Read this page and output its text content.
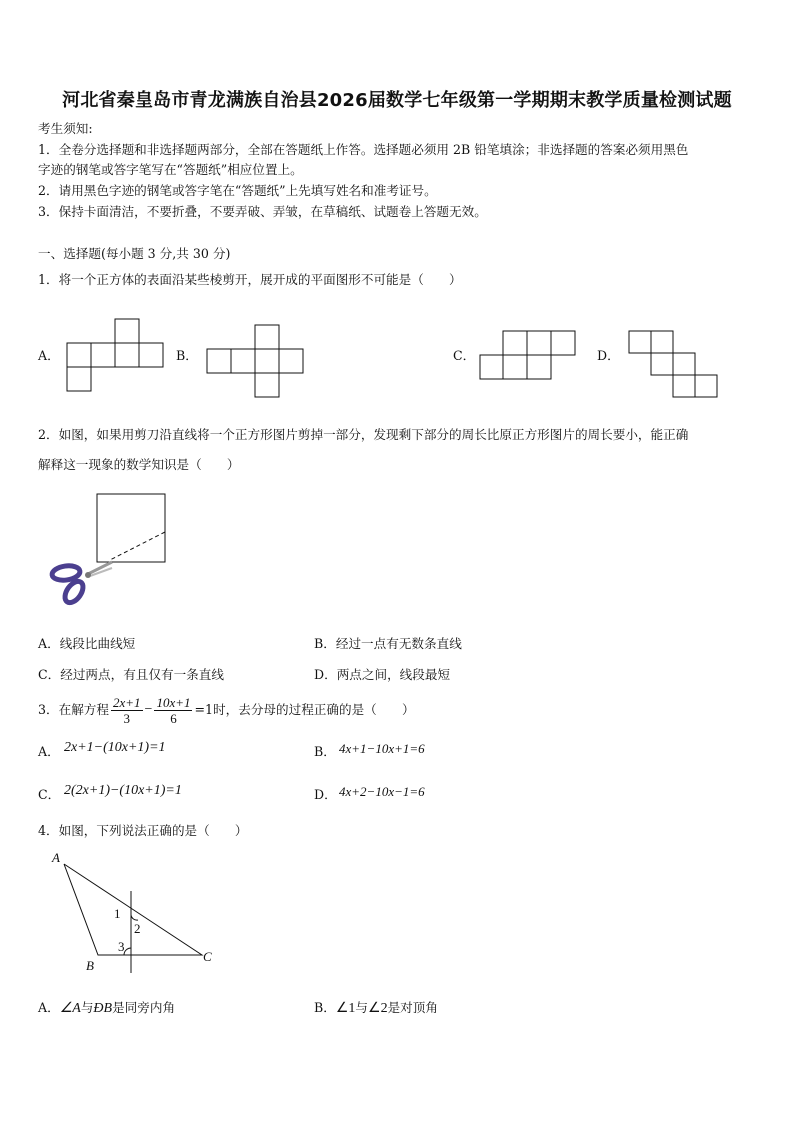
河北省秦皇岛市青龙满族自治县2026届数学七年级第一学期期末教学质量检测试题
考生须知:
1．全卷分选择题和非选择题两部分，全部在答题纸上作答。选择题必须用 2B 铅笔填涂；非选择题的答案必须用黑色
字迹的钢笔或答字笔写在“答题纸”相应位置上。
2．请用黑色字迹的钢笔或答字笔在“答题纸”上先填写姓名和准考证号。
3．保持卡面清洁，不要折叠，不要弄破、弄皱，在草稿纸、试题卷上答题无效。
一、选择题(每小题 3 分,共 30 分)
1．将一个正方体的表面沿某些棱剪开，展开成的平面图形不可能是（　　）
A．	B．	C．	D．
2．如图，如果用剪刀沿直线将一个正方形图片剪掉一部分，发现剩下部分的周长比原正方形图片的周长要小，能正确
解释这一现象的数学知识是（　　）
A．线段比曲线短	B．经过一点有无数条直线
C．经过两点，有且仅有一条直线	D．两点之间，线段最短
3．在解方程 $\frac{2x+1}{3} - \frac{10x+1}{6} =1$时，去分母的过程正确的是（　　）
A． 2x+1−(10x+1)=1	B． 4x+1−10x+1=6
C． 2(2x+1)−(10x+1)=1	D． 4x+2−10x−1=6
4．如图，下列说法正确的是（　　）
A
B
C
1
2
3
A．∠A与ÐB是同旁内角	B．∠1与∠2是对顶角
